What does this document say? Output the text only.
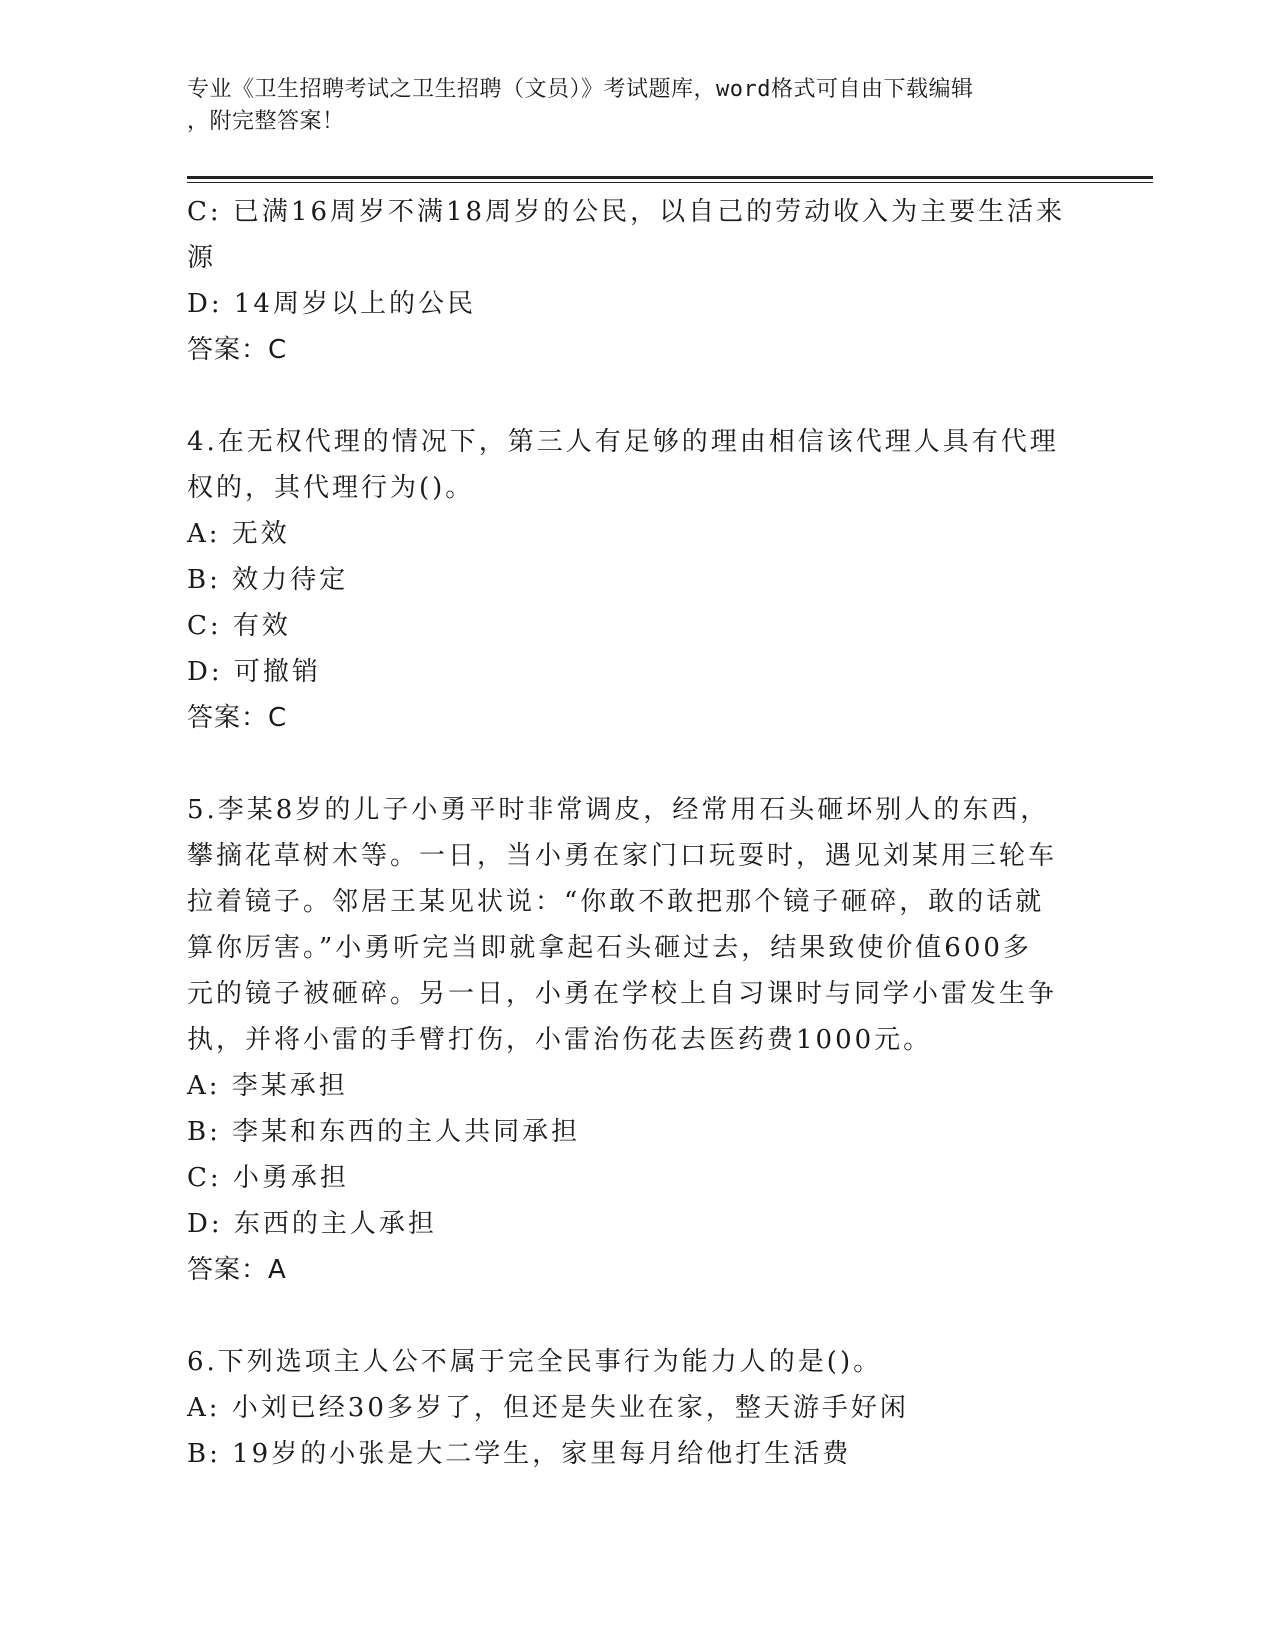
专业《卫生招聘考试之卫生招聘（文员）》考试题库，word格式可自由下载编辑
，附完整答案！
C: 已满16周岁不满18周岁的公民，以自己的劳动收入为主要生活来
源
D: 14周岁以上的公民
答案：C
4.在无权代理的情况下，第三人有足够的理由相信该代理人具有代理
权的，其代理行为()。
A: 无效
B: 效力待定
C: 有效
D: 可撤销
答案：C
5.李某8岁的儿子小勇平时非常调皮，经常用石头砸坏别人的东西，
攀摘花草树木等。一日，当小勇在家门口玩耍时，遇见刘某用三轮车
拉着镜子。邻居王某见状说：“你敢不敢把那个镜子砸碎，敢的话就
算你厉害。”小勇听完当即就拿起石头砸过去，结果致使价值600多
元的镜子被砸碎。另一日，小勇在学校上自习课时与同学小雷发生争
执，并将小雷的手臂打伤，小雷治伤花去医药费1000元。
A: 李某承担
B: 李某和东西的主人共同承担
C: 小勇承担
D: 东西的主人承担
答案：A
6.下列选项主人公不属于完全民事行为能力人的是()。
A: 小刘已经30多岁了，但还是失业在家，整天游手好闲
B: 19岁的小张是大二学生，家里每月给他打生活费
